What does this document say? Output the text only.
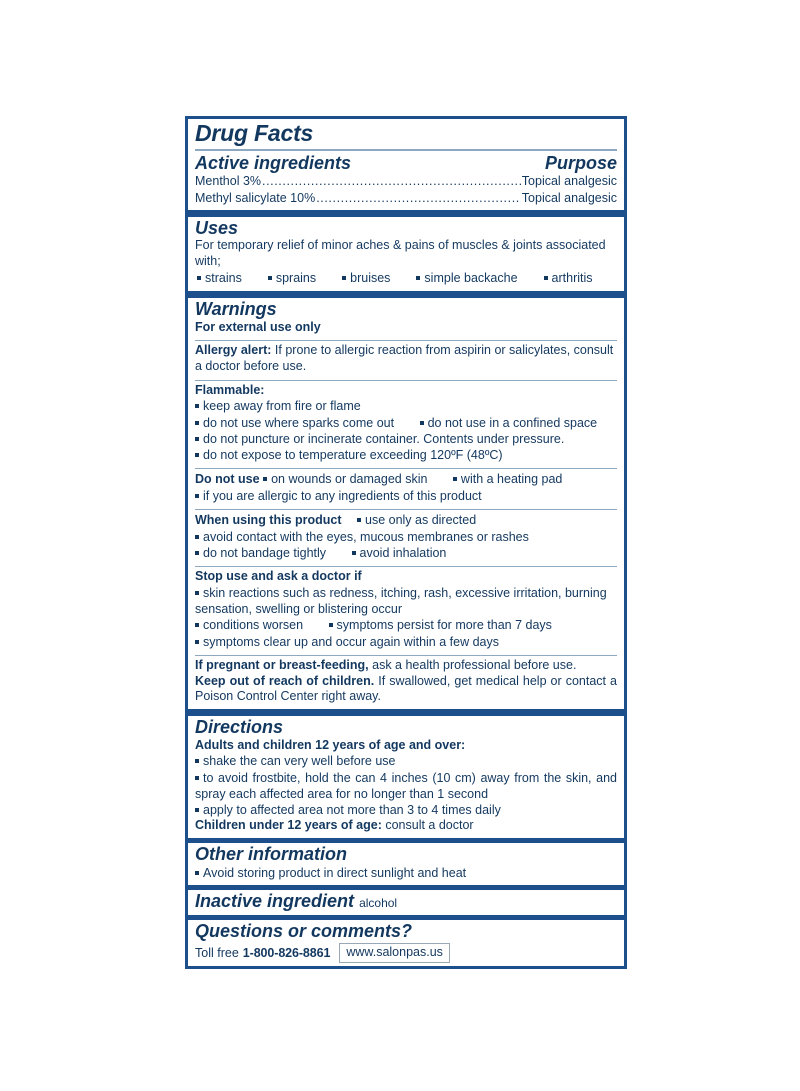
Drug Facts
Active ingredients	Purpose
Menthol 3% .....	Topical analgesic
Methyl salicylate 10% .....	Topical analgesic
Uses
For temporary relief of minor aches & pains of muscles & joints associated with;
strains	sprains	bruises	simple backache	arthritis
Warnings
For external use only
Allergy alert: If prone to allergic reaction from aspirin or salicylates, consult a doctor before use.
Flammable:
keep away from fire or flame
do not use where sparks come out	do not use in a confined space
do not puncture or incinerate container. Contents under pressure.
do not expose to temperature exceeding 120ºF (48ºC)
Do not use on wounds or damaged skin	with a heating pad
if you are allergic to any ingredients of this product
When using this product use only as directed
avoid contact with the eyes, mucous membranes or rashes
do not bandage tightly	avoid inhalation
Stop use and ask a doctor if
skin reactions such as redness, itching, rash, excessive irritation, burning sensation, swelling or blistering occur
conditions worsen	symptoms persist for more than 7 days
symptoms clear up and occur again within a few days
If pregnant or breast-feeding, ask a health professional before use.
Keep out of reach of children. If swallowed, get medical help or contact a Poison Control Center right away.
Directions
Adults and children 12 years of age and over:
shake the can very well before use
to avoid frostbite, hold the can 4 inches (10 cm) away from the skin, and spray each affected area for no longer than 1 second
apply to affected area not more than 3 to 4 times daily
Children under 12 years of age: consult a doctor
Other information
Avoid storing product in direct sunlight and heat
Inactive ingredient alcohol
Questions or comments?
Toll free 1-800-826-8861	www.salonpas.us
